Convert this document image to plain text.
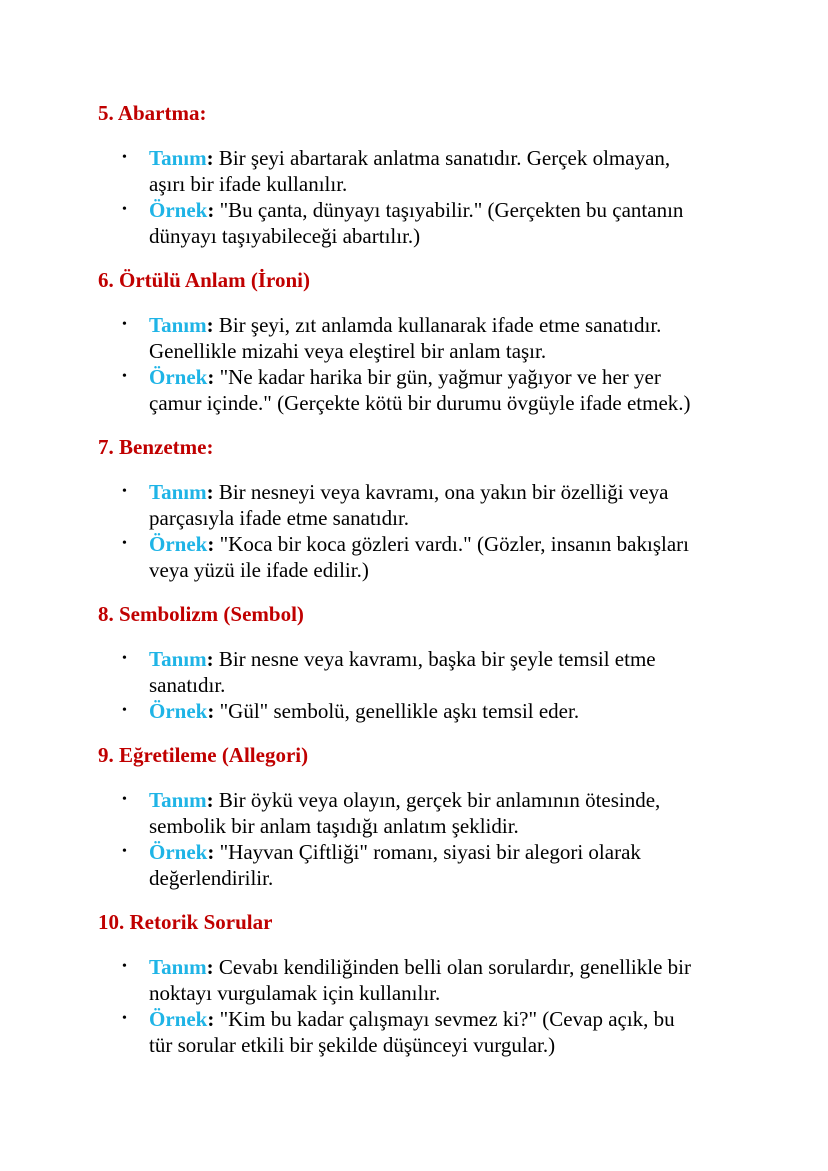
5. Abartma:
• Tanım: Bir şeyi abartarak anlatma sanatıdır. Gerçek olmayan,
aşırı bir ifade kullanılır.
• Örnek: "Bu çanta, dünyayı taşıyabilir." (Gerçekten bu çantanın
dünyayı taşıyabileceği abartılır.)
6. Örtülü Anlam (İroni)
• Tanım: Bir şeyi, zıt anlamda kullanarak ifade etme sanatıdır.
Genellikle mizahi veya eleştirel bir anlam taşır.
• Örnek: "Ne kadar harika bir gün, yağmur yağıyor ve her yer
çamur içinde." (Gerçekte kötü bir durumu övgüyle ifade etmek.)
7. Benzetme:
• Tanım: Bir nesneyi veya kavramı, ona yakın bir özelliği veya
parçasıyla ifade etme sanatıdır.
• Örnek: "Koca bir koca gözleri vardı." (Gözler, insanın bakışları
veya yüzü ile ifade edilir.)
8. Sembolizm (Sembol)
• Tanım: Bir nesne veya kavramı, başka bir şeyle temsil etme
sanatıdır.
• Örnek: "Gül" sembolü, genellikle aşkı temsil eder.
9. Eğretileme (Allegori)
• Tanım: Bir öykü veya olayın, gerçek bir anlamının ötesinde,
sembolik bir anlam taşıdığı anlatım şeklidir.
• Örnek: "Hayvan Çiftliği" romanı, siyasi bir alegori olarak
değerlendirilir.
10. Retorik Sorular
• Tanım: Cevabı kendiliğinden belli olan sorulardır, genellikle bir
noktayı vurgulamak için kullanılır.
• Örnek: "Kim bu kadar çalışmayı sevmez ki?" (Cevap açık, bu
tür sorular etkili bir şekilde düşünceyi vurgular.)
